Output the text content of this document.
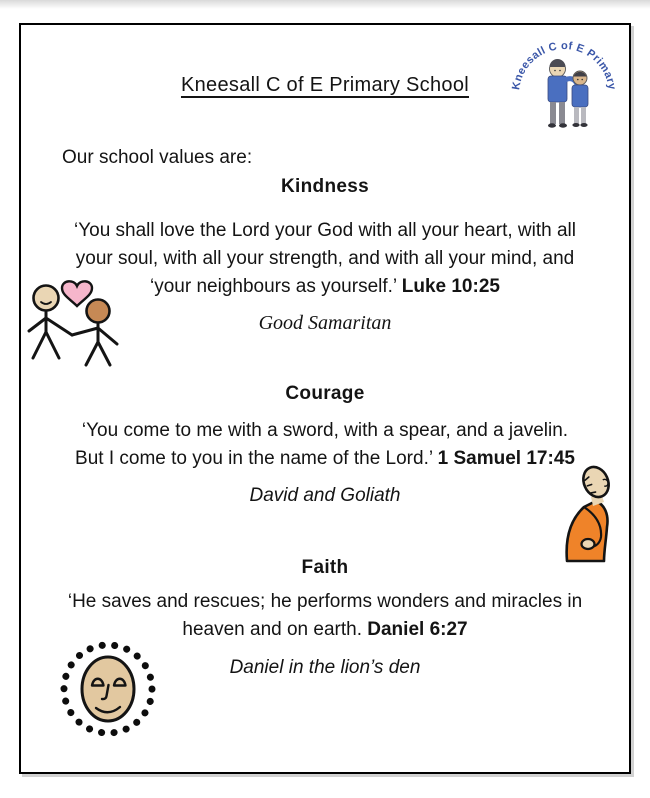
Kneesall C of E Primary
Kneesall C of E Primary School
Our school values are:
Kindness
‘You shall love the Lord your God with all your heart, with all
your soul, with all your strength, and with all your mind, and
‘your neighbours as yourself.’ Luke 10:25
Good Samaritan
Courage
‘You come to me with a sword, with a spear, and a javelin.
But I come to you in the name of the Lord.’ 1 Samuel 17:45
David and Goliath
Faith
‘He saves and rescues; he performs wonders and miracles in
heaven and on earth. Daniel 6:27
Daniel in the lion’s den
